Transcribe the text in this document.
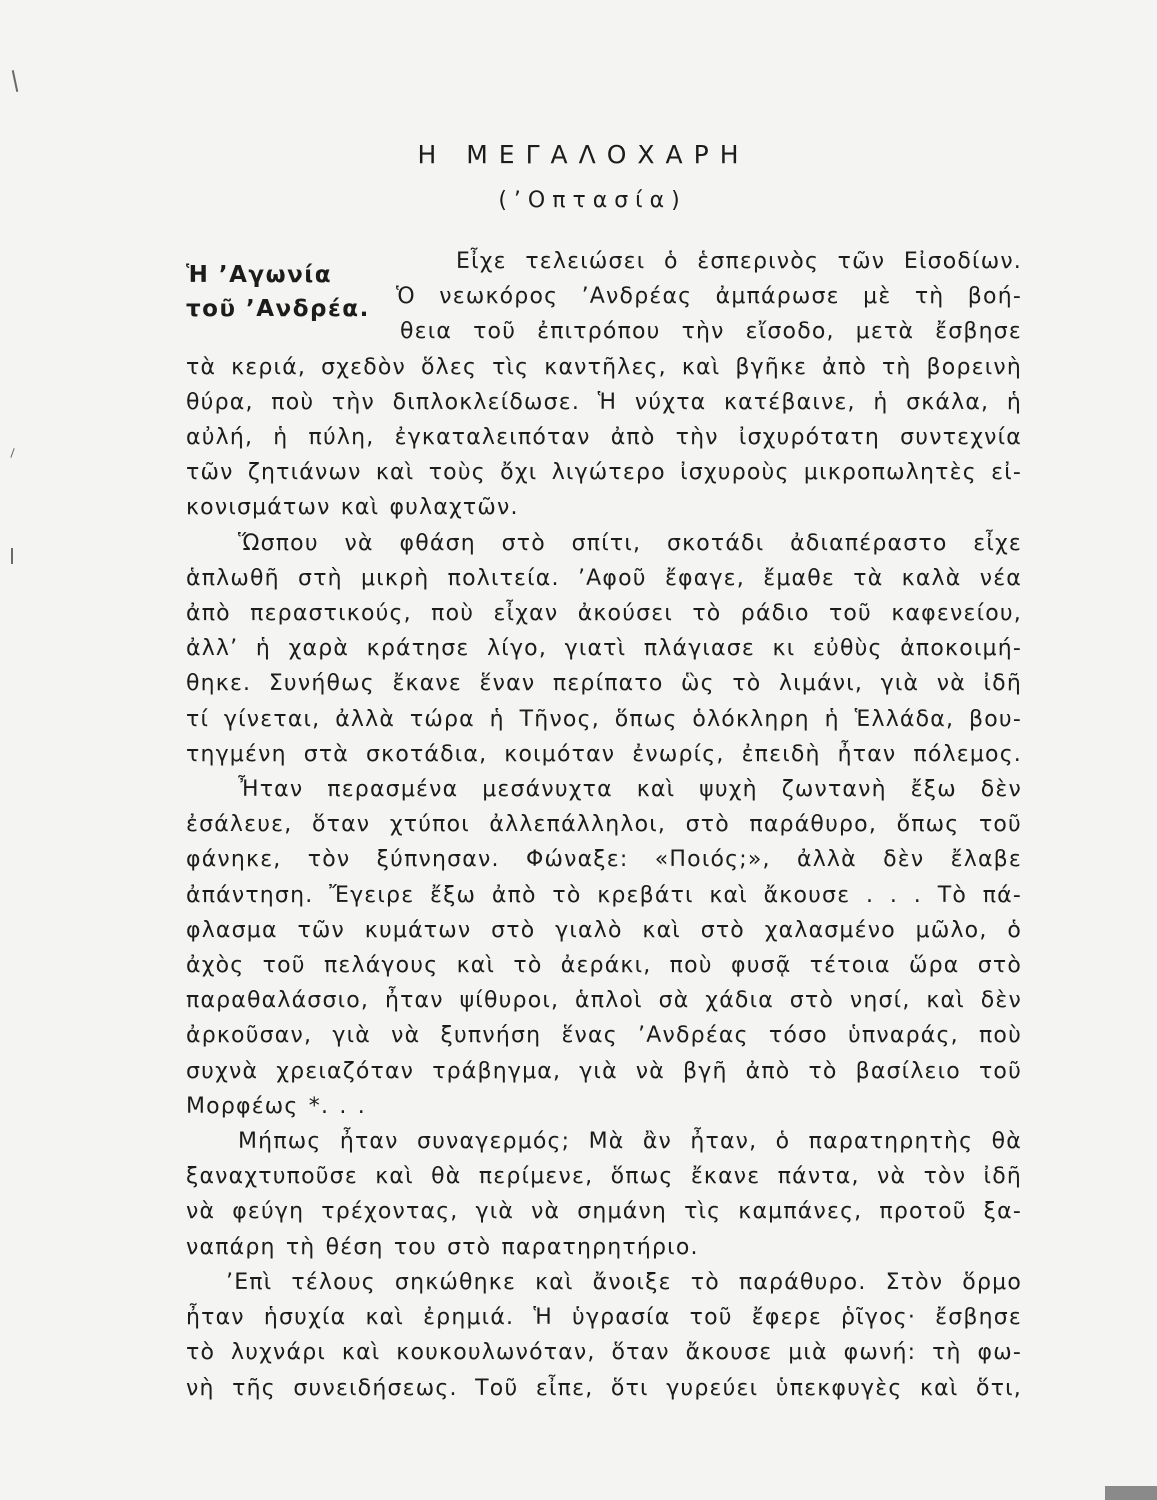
Η ΜΕΓΑΛΟΧΑΡΗ
(’Οπτασία)
Ἡ ’Αγωνία
τοῦ ’Ανδρέα.
Εἶχε τελειώσει ὁ ἑσπερινὸς τῶν Εἰσοδίων.
Ὁ νεωκόρος ’Ανδρέας ἀμπάρωσε μὲ τὴ βοή-
θεια τοῦ ἐπιτρόπου τὴν εἴσοδο, μετὰ ἔσβησε
τὰ κεριά, σχεδὸν ὅλες τὶς καντῆλες, καὶ βγῆκε ἀπὸ τὴ βορεινὴ
θύρα, ποὺ τὴν διπλοκλείδωσε. Ἡ νύχτα κατέβαινε, ἡ σκάλα, ἡ
αὐλή, ἡ πύλη, ἐγκαταλειπόταν ἀπὸ τὴν ἰσχυρότατη συντεχνία
τῶν ζητιάνων καὶ τοὺς ὄχι λιγώτερο ἰσχυροὺς μικροπωλητὲς εἰ-
κονισμάτων καὶ φυλαχτῶν.
Ὥσπου νὰ φθάση στὸ σπίτι, σκοτάδι ἀδιαπέραστο εἶχε
ἁπλωθῆ στὴ μικρὴ πολιτεία. ’Αφοῦ ἔφαγε, ἔμαθε τὰ καλὰ νέα
ἀπὸ περαστικούς, ποὺ εἶχαν ἀκούσει τὸ ράδιο τοῦ καφενείου,
ἀλλ’ ἡ χαρὰ κράτησε λίγο, γιατὶ πλάγιασε κι εὐθὺς ἀποκοιμή-
θηκε. Συνήθως ἔκανε ἕναν περίπατο ὣς τὸ λιμάνι, γιὰ νὰ ἰδῆ
τί γίνεται, ἀλλὰ τώρα ἡ Τῆνος, ὅπως ὁλόκληρη ἡ Ἑλλάδα, βου-
τηγμένη στὰ σκοτάδια, κοιμόταν ἐνωρίς, ἐπειδὴ ἦταν πόλεμος.
Ἦταν περασμένα μεσάνυχτα καὶ ψυχὴ ζωντανὴ ἔξω δὲν
ἐσάλευε, ὅταν χτύποι ἀλλεπάλληλοι, στὸ παράθυρο, ὅπως τοῦ
φάνηκε, τὸν ξύπνησαν. Φώναξε: «Ποιός;», ἀλλὰ δὲν ἔλαβε
ἀπάντηση. Ἔγειρε ἔξω ἀπὸ τὸ κρεβάτι καὶ ἄκουσε . . . Τὸ πά-
φλασμα τῶν κυμάτων στὸ γιαλὸ καὶ στὸ χαλασμένο μῶλο, ὁ
ἀχὸς τοῦ πελάγους καὶ τὸ ἀεράκι, ποὺ φυσᾷ τέτοια ὥρα στὸ
παραθαλάσσιο, ἦταν ψίθυροι, ἁπλοὶ σὰ χάδια στὸ νησί, καὶ δὲν
ἀρκοῦσαν, γιὰ νὰ ξυπνήση ἕνας ’Ανδρέας τόσο ὑπναράς, ποὺ
συχνὰ χρειαζόταν τράβηγμα, γιὰ νὰ βγῆ ἀπὸ τὸ βασίλειο τοῦ
Μορφέως *. . .
Μήπως ἦταν συναγερμός; Μὰ ἂν ἦταν, ὁ παρατηρητὴς θὰ
ξαναχτυποῦσε καὶ θὰ περίμενε, ὅπως ἔκανε πάντα, νὰ τὸν ἰδῆ
νὰ φεύγη τρέχοντας, γιὰ νὰ σημάνη τὶς καμπάνες, προτοῦ ξα-
ναπάρη τὴ θέση του στὸ παρατηρητήριο.
’Επὶ τέλους σηκώθηκε καὶ ἄνοιξε τὸ παράθυρο. Στὸν ὅρμο
ἦταν ἡσυχία καὶ ἐρημιά. Ἡ ὑγρασία τοῦ ἔφερε ῥῖγος· ἔσβησε
τὸ λυχνάρι καὶ κουκουλωνόταν, ὅταν ἄκουσε μιὰ φωνή: τὴ φω-
νὴ τῆς συνειδήσεως. Τοῦ εἶπε, ὅτι γυρεύει ὑπεκφυγὲς καὶ ὅτι,
